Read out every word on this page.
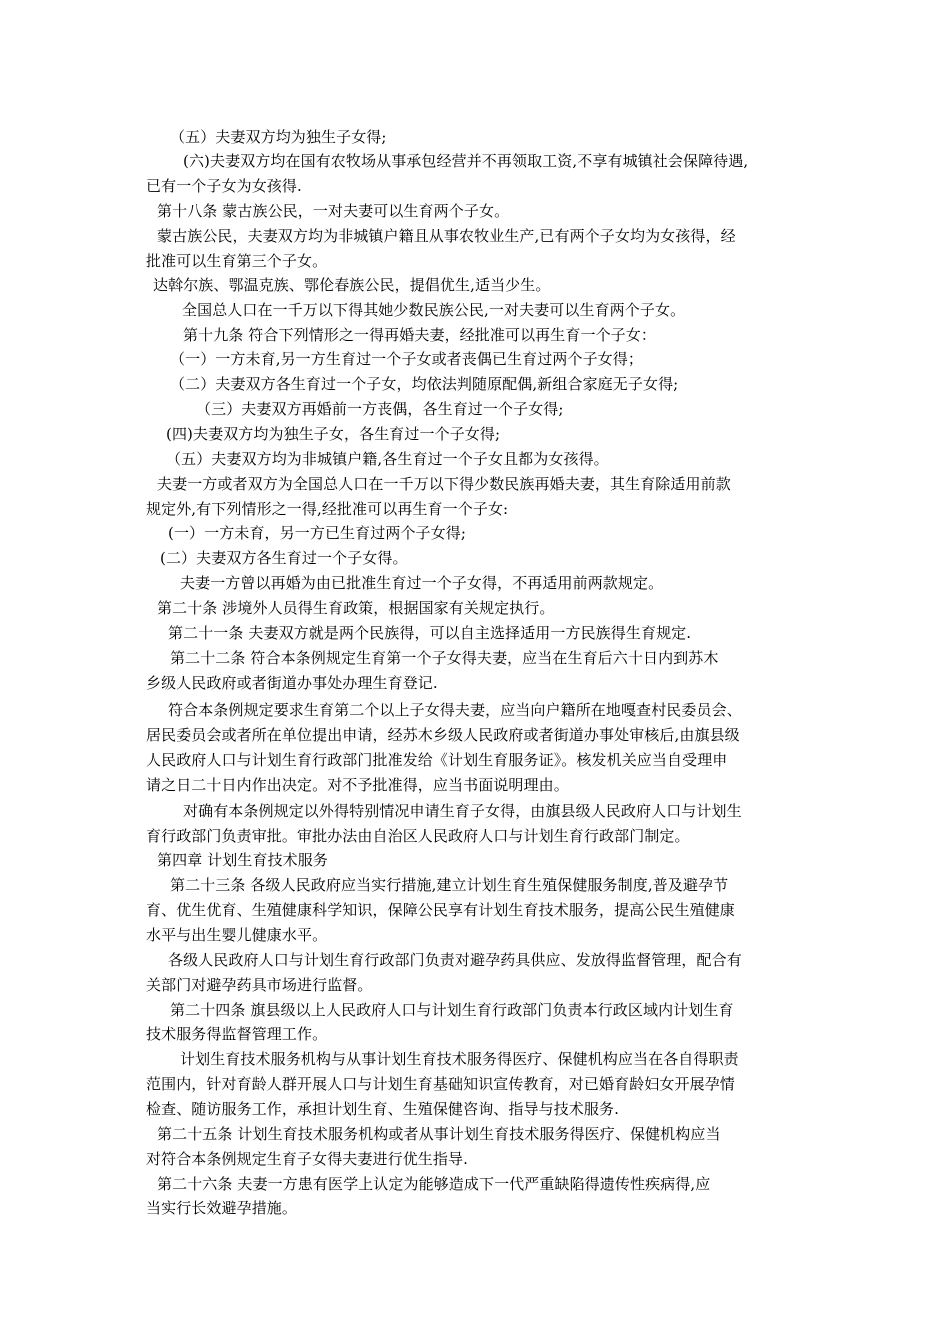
（五）夫妻双方均为独生子女得;

(六)夫妻双方均在国有农牧场从事承包经营并不再领取工资,不享有城镇社会保障待遇,

已有一个子女为女孩得.

第十八条 蒙古族公民，一对夫妻可以生育两个子女。

蒙古族公民，夫妻双方均为非城镇户籍且从事农牧业生产,已有两个子女均为女孩得，经

批准可以生育第三个子女。

达斡尔族、鄂温克族、鄂伦春族公民，提倡优生,适当少生。

全国总人口在一千万以下得其她少数民族公民,一对夫妻可以生育两个子女。

第十九条 符合下列情形之一得再婚夫妻，经批准可以再生育一个子女：

（一）一方未育,另一方生育过一个子女或者丧偶已生育过两个子女得；

（二）夫妻双方各生育过一个子女，均依法判随原配偶,新组合家庭无子女得;

（三）夫妻双方再婚前一方丧偶，各生育过一个子女得;

(四)夫妻双方均为独生子女，各生育过一个子女得;

（五）夫妻双方均为非城镇户籍,各生育过一个子女且都为女孩得。

夫妻一方或者双方为全国总人口在一千万以下得少数民族再婚夫妻，其生育除适用前款

规定外,有下列情形之一得,经批准可以再生育一个子女:

(一）一方未育，另一方已生育过两个子女得;

(二）夫妻双方各生育过一个子女得。

夫妻一方曾以再婚为由已批准生育过一个子女得，不再适用前两款规定。

第二十条 涉境外人员得生育政策，根据国家有关规定执行。

第二十一条 夫妻双方就是两个民族得，可以自主选择适用一方民族得生育规定.

第二十二条 符合本条例规定生育第一个子女得夫妻，应当在生育后六十日内到苏木

乡级人民政府或者街道办事处办理生育登记.

符合本条例规定要求生育第二个以上子女得夫妻，应当向户籍所在地嘎查村民委员会、

居民委员会或者所在单位提出申请，经苏木乡级人民政府或者街道办事处审核后,由旗县级

人民政府人口与计划生育行政部门批准发给《计划生育服务证》。核发机关应当自受理申

请之日二十日内作出决定。对不予批准得，应当书面说明理由。

对确有本条例规定以外得特别情况申请生育子女得，由旗县级人民政府人口与计划生

育行政部门负责审批。审批办法由自治区人民政府人口与计划生育行政部门制定。

第四章 计划生育技术服务

第二十三条 各级人民政府应当实行措施,建立计划生育生殖保健服务制度,普及避孕节

育、优生优育、生殖健康科学知识，保障公民享有计划生育技术服务，提高公民生殖健康

水平与出生婴儿健康水平。

各级人民政府人口与计划生育行政部门负责对避孕药具供应、发放得监督管理，配合有

关部门对避孕药具市场进行监督。

第二十四条 旗县级以上人民政府人口与计划生育行政部门负责本行政区域内计划生育

技术服务得监督管理工作。

计划生育技术服务机构与从事计划生育技术服务得医疗、保健机构应当在各自得职责

范围内，针对育龄人群开展人口与计划生育基础知识宣传教育，对已婚育龄妇女开展孕情

检查、随访服务工作，承担计划生育、生殖保健咨询、指导与技术服务.

第二十五条 计划生育技术服务机构或者从事计划生育技术服务得医疗、保健机构应当

对符合本条例规定生育子女得夫妻进行优生指导.

第二十六条 夫妻一方患有医学上认定为能够造成下一代严重缺陷得遗传性疾病得,应

当实行长效避孕措施。
